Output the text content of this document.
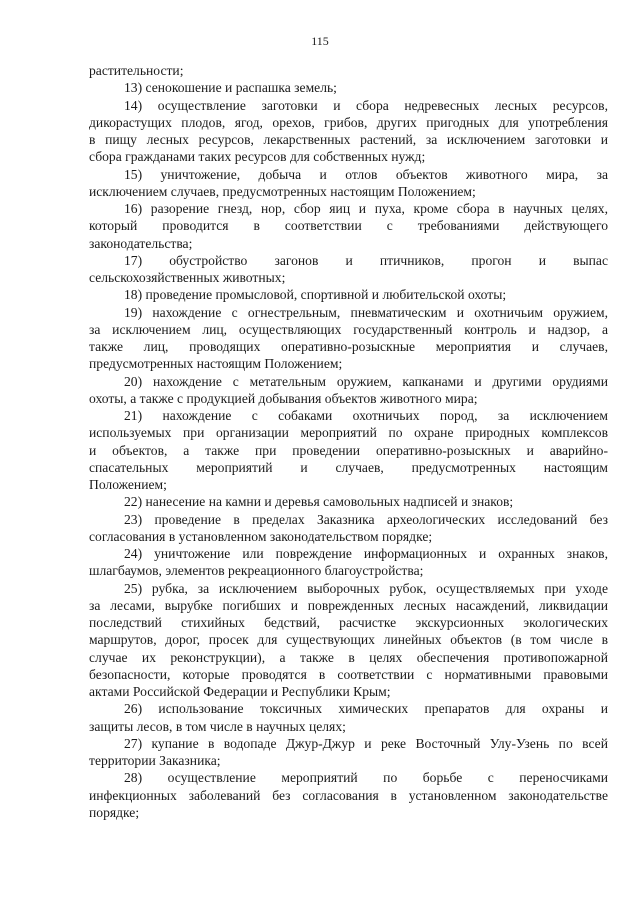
115
растительности;
13) сенокошение и распашка земель;
14) осуществление заготовки и сбора недревесных лесных ресурсов,
дикорастущих плодов, ягод, орехов, грибов, других пригодных для употребления
в пищу лесных ресурсов, лекарственных растений, за исключением заготовки и
сбора гражданами таких ресурсов для собственных нужд;
15) уничтожение, добыча и отлов объектов животного мира, за
исключением случаев, предусмотренных настоящим Положением;
16) разорение гнезд, нор, сбор яиц и пуха, кроме сбора в научных целях,
который проводится в соответствии с требованиями действующего
законодательства;
17) обустройство загонов и птичников, прогон и выпас
сельскохозяйственных животных;
18) проведение промысловой, спортивной и любительской охоты;
19) нахождение с огнестрельным, пневматическим и охотничьим оружием,
за исключением лиц, осуществляющих государственный контроль и надзор, а
также лиц, проводящих оперативно-розыскные мероприятия и случаев,
предусмотренных настоящим Положением;
20) нахождение с метательным оружием, капканами и другими орудиями
охоты, а также с продукцией добывания объектов животного мира;
21) нахождение с собаками охотничьих пород, за исключением
используемых при организации мероприятий по охране природных комплексов
и объектов, а также при проведении оперативно-розыскных и аварийно-
спасательных мероприятий и случаев, предусмотренных настоящим
Положением;
22) нанесение на камни и деревья самовольных надписей и знаков;
23) проведение в пределах Заказника археологических исследований без
согласования в установленном законодательством порядке;
24) уничтожение или повреждение информационных и охранных знаков,
шлагбаумов, элементов рекреационного благоустройства;
25) рубка, за исключением выборочных рубок, осуществляемых при уходе
за лесами, вырубке погибших и поврежденных лесных насаждений, ликвидации
последствий стихийных бедствий, расчистке экскурсионных экологических
маршрутов, дорог, просек для существующих линейных объектов (в том числе в
случае их реконструкции), а также в целях обеспечения противопожарной
безопасности, которые проводятся в соответствии с нормативными правовыми
актами Российской Федерации и Республики Крым;
26) использование токсичных химических препаратов для охраны и
защиты лесов, в том числе в научных целях;
27) купание в водопаде Джур-Джур и реке Восточный Улу-Узень по всей
территории Заказника;
28) осуществление мероприятий по борьбе с переносчиками
инфекционных заболеваний без согласования в установленном законодательстве
порядке;
